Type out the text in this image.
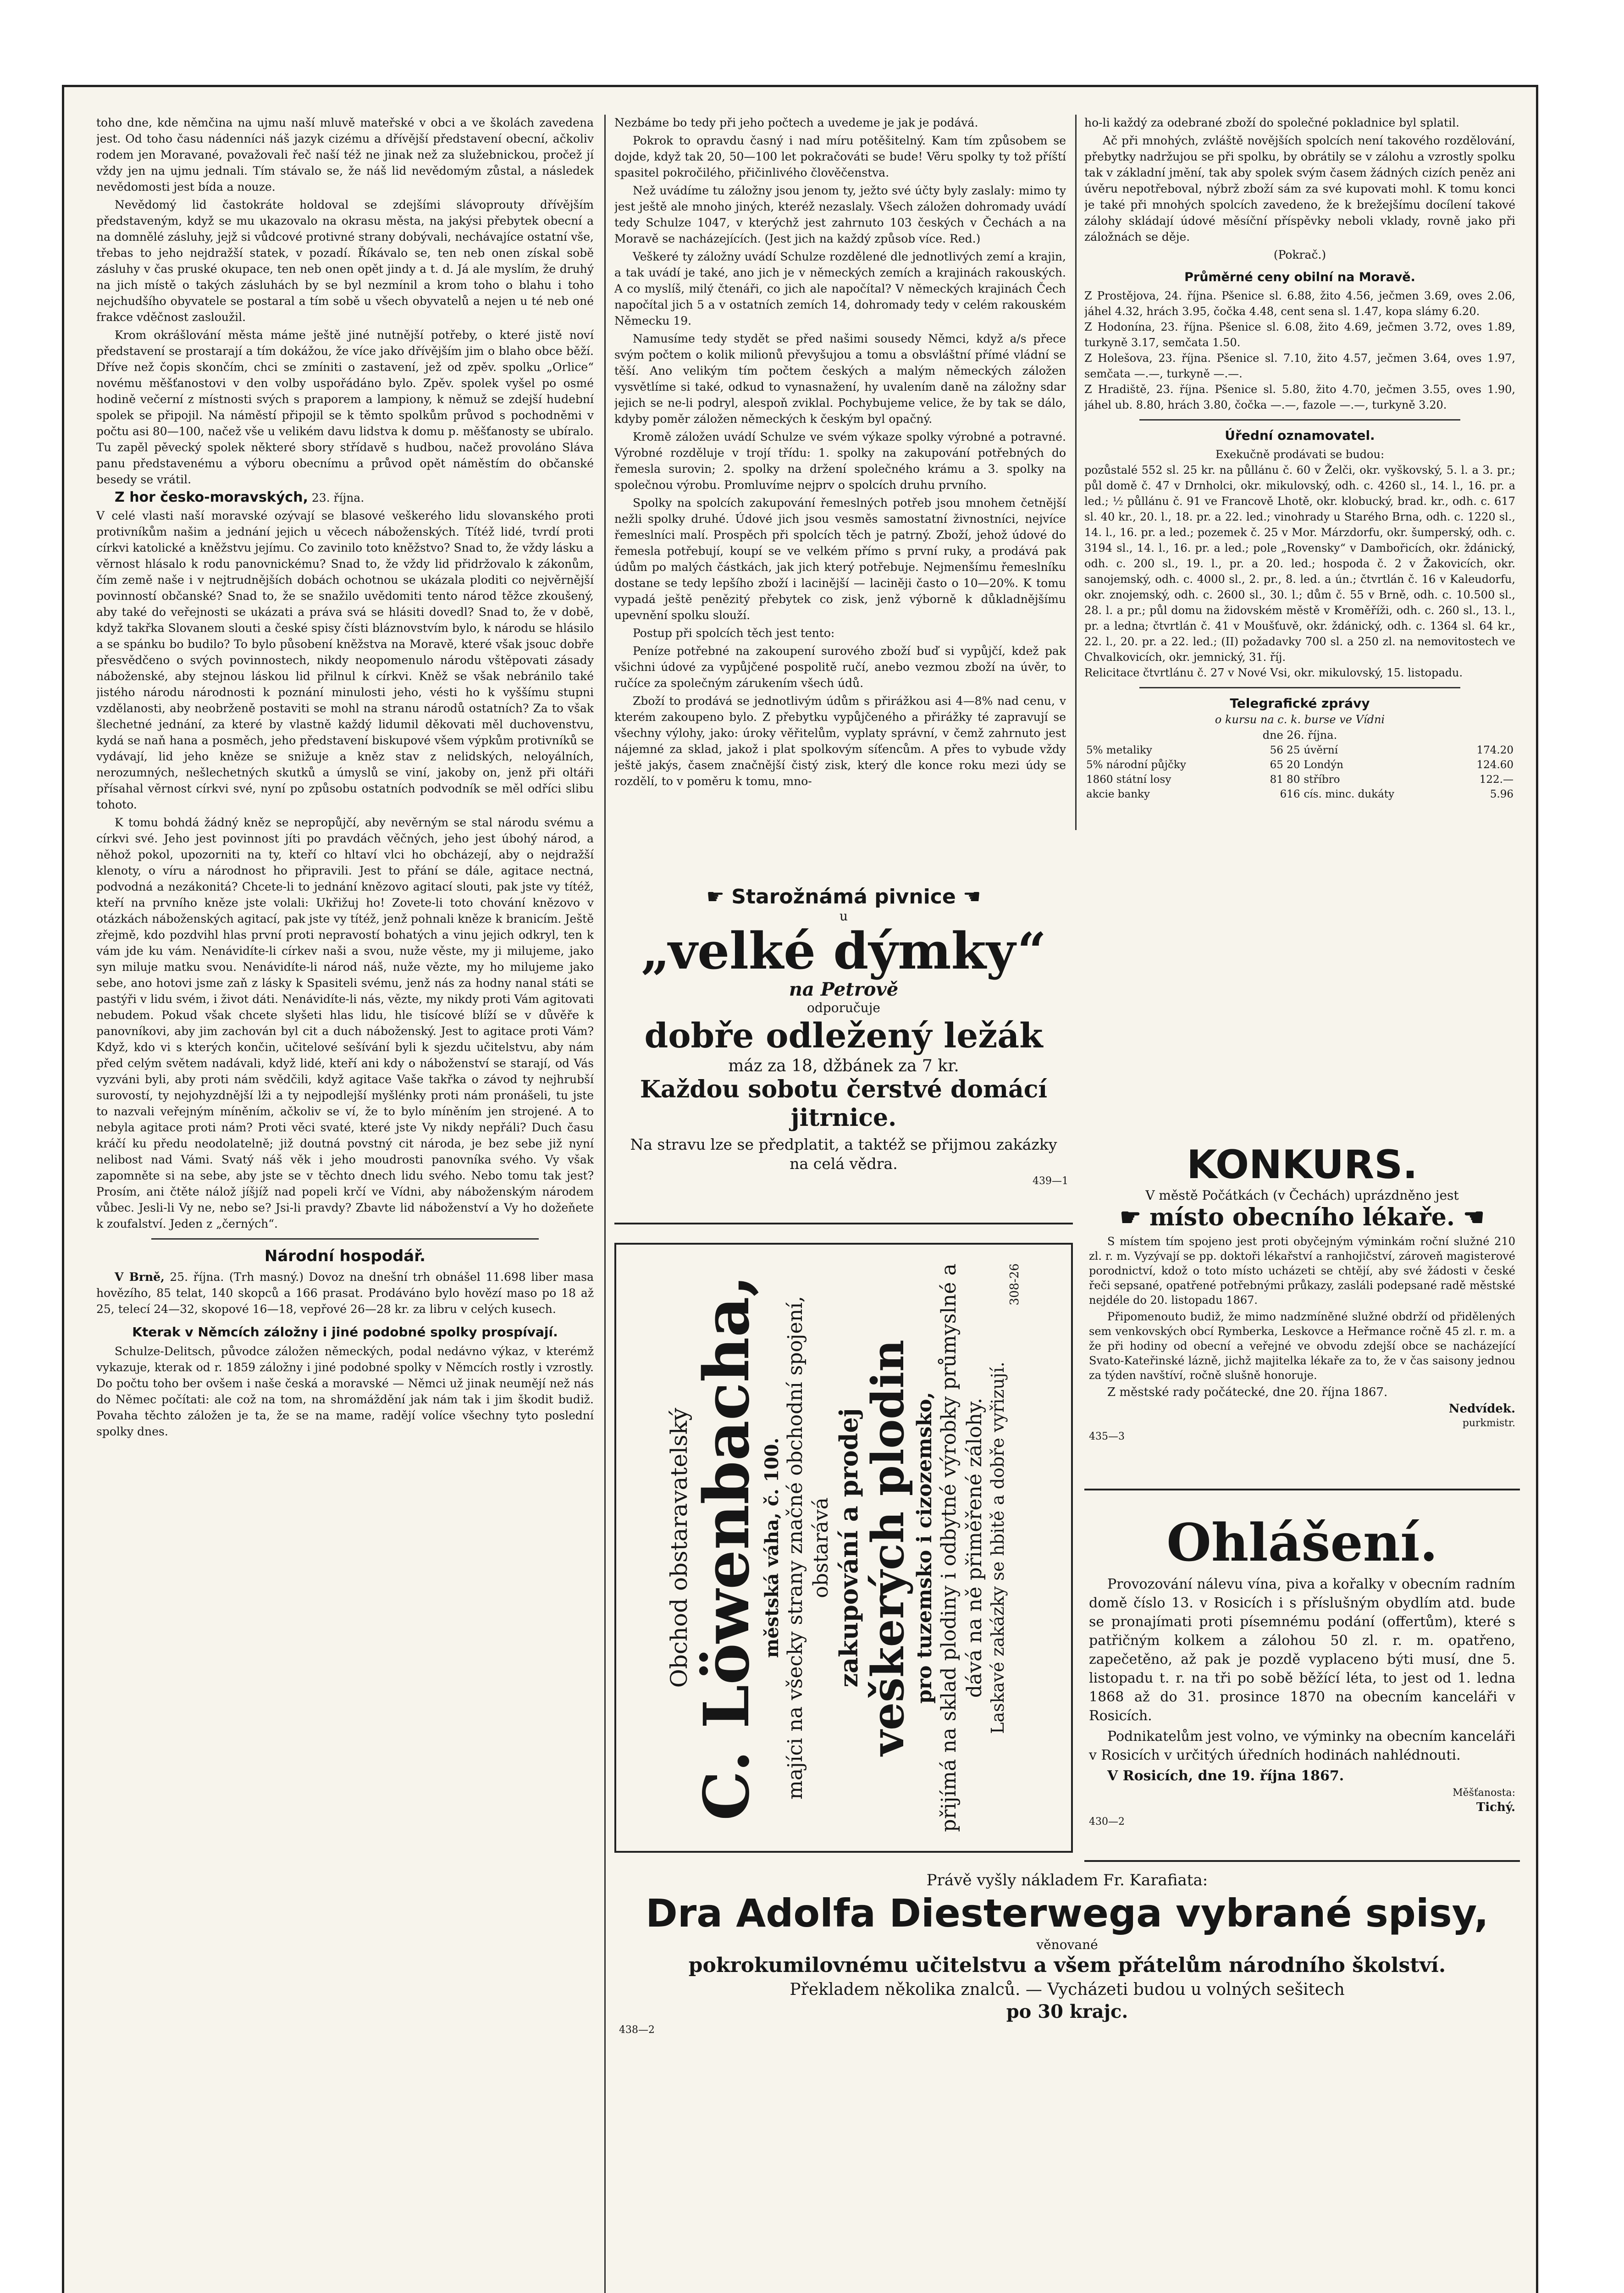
toho dne, kde němčina na ujmu naší mluvě mateřské v obci a ve školách zavedena jest. Od toho času nádenníci náš jazyk cizému a dřívější představení obecní, ačkoliv rodem jen Moravané, považovali řeč naší též ne jinak než za služebnickou, pročež jí vždy jen na ujmu jednali. Tím stávalo se, že náš lid nevědomým zůstal, a následek nevědomosti jest bída a nouze.

Nevědomý lid častokráte holdoval se zdejšími slávoprouty dřívějším představeným, když se mu ukazovalo na okrasu města, na jakýsi přebytek obecní a na domnělé zásluhy, jejž si vůdcové protivné strany dobývali, nechávajíce ostatní vše, třebas to jeho nejdražší statek, v pozadí. Říkávalo se, ten neb onen získal sobě zásluhy v čas pruské okupace, ten neb onen opět jindy a t. d. Já ale myslím, že druhý na jich místě o takých zásluhách by se byl nezmínil a krom toho o blahu i toho nejchudšího obyvatele se postaral a tím sobě u všech obyvatelů a nejen u té neb oné frakce vděčnost zasloužil.

Krom okrášlování města máme ještě jiné nutnější potřeby, o které jistě noví představení se prostarají a tím dokážou, že více jako dřívějším jim o blaho obce běží. Dříve než čopis skončím, chci se zmíniti o zastavení, jež od zpěv. spolku „Orlice“ novému měšťanostovi v den volby uspořádáno bylo. Zpěv. spolek vyšel po osmé hodině večerní z místnosti svých s praporem a lampiony, k němuž se zdejší hudební spolek se připojil. Na náměstí připojil se k těmto spolkům průvod s pochodněmi v počtu asi 80—100, načež vše u velikém davu lidstva k domu p. měšťanosty se ubíralo. Tu zapěl pěvecký spolek některé sbory střídavě s hudbou, načež provoláno Sláva panu představenému a výboru obecnímu a průvod opět náměstím do občanské besedy se vrátil.

Z hor česko-moravských, 23. října.

V celé vlasti naší moravské ozývají se blasové veškerého lidu slovanského proti protivníkům našim a jednání jejich u věcech náboženských. Títéž lidé, tvrdí proti církvi katolické a kněžstvu jejímu. Co zavinilo toto kněžstvo? Snad to, že vždy lásku a věrnost hlásalo k rodu panovnickému? Snad to, že vždy lid přidržovalo k zákonům, čím země naše i v nejtrudnějších dobách ochotnou se ukázala ploditi co nejvěrnější povinností občanské? Snad to, že se snažilo uvědomiti tento národ těžce zkoušený, aby také do veřejnosti se ukázati a práva svá se hlásiti dovedl? Snad to, že v době, když takřka Slovanem slouti a české spisy čísti bláznovstvím bylo, k národu se hlásilo a se spánku bo budilo? To bylo působení kněžstva na Moravě, které však jsouc dobře přesvědčeno o svých povinnostech, nikdy neopomenulo národu vštěpovati zásady náboženské, aby stejnou láskou lid přilnul k církvi. Kněž se však nebránilo také jistého národu národnosti k poznání minulosti jeho, vésti ho k vyššímu stupni vzdělanosti, aby neobrženě postaviti se mohl na stranu národů ostatních? Za to však šlechetné jednání, za které by vlastně každý lidumil děkovati měl duchovenstvu, kydá se naň hana a posměch, jeho představení biskupové všem výpkům protivníků se vydávají, lid jeho kněze se snižuje a kněz stav z nelidských, neloyálních, nerozumných, nešlechetných skutků a úmyslů se viní, jakoby on, jenž při oltáři přísahal věrnost církvi své, nyní po způsobu ostatních podvodník se měl odříci slibu tohoto.

K tomu bohdá žádný kněz se nepropůjčí, aby nevěrným se stal národu svému a církvi své. Jeho jest povinnost jíti po pravdách věčných, jeho jest úbohý národ, a něhož pokol, upozorniti na ty, kteří co hltaví vlci ho obcházejí, aby o nejdražší klenoty, o víru a národnost ho připravili. Jest to přání se dále, agitace nectná, podvodná a nezákonitá? Chcete-li to jednání knězovo agitací slouti, pak jste vy títéž, kteří na prvního kněze jste volali: Ukřižuj ho! Zovete-li toto chování knězovo v otázkách náboženských agitací, pak jste vy títéž, jenž pohnali kněze k branicím. Ještě zřejmě, kdo pozdvihl hlas první proti nepravostí bohatých a vinu jejich odkryl, ten k vám jde ku vám. Nenávidíte-li církev naši a svou, nuže věste, my ji milujeme, jako syn miluje matku svou. Nenávidíte-li národ náš, nuže vězte, my ho milujeme jako sebe, ano hotovi jsme zaň z lásky k Spasiteli svému, jenž nás za hodny nanal státi se pastýři v lidu svém, i život dáti. Nenávidíte-li nás, vězte, my nikdy proti Vám agitovati nebudem. Pokud však chcete slyšeti hlas lidu, hle tisícové blíží se v důvěře k panovníkovi, aby jim zachován byl cit a duch náboženský. Jest to agitace proti Vám? Když, kdo vi s kterých končin, učitelové sešívání byli k sjezdu učitelstvu, aby nám před celým světem nadávali, když lidé, kteří ani kdy o náboženství se starají, od Vás vyzváni byli, aby proti nám svědčili, když agitace Vaše takřka o závod ty nejhrubší surovostí, ty nejohyzdnější lži a ty nejpodlejší myšlénky proti nám pronášeli, tu jste to nazvali veřejným míněním, ačkoliv se ví, že to bylo míněním jen strojené. A to nebyla agitace proti nám? Proti věci svaté, které jste Vy nikdy nepřáli? Duch času kráčí ku předu neodolatelně; již doutná povstný cit národa, je bez sebe již nyní nelibost nad Vámi. Svatý náš věk i jeho moudrosti panovníka svého. Vy však zapomněte si na sebe, aby jste se v těchto dnech lidu svého. Nebo tomu tak jest? Prosím, ani čtěte nálož jíšjíž nad popeli krčí ve Vídni, aby náboženským národem vůbec. Jesli-li Vy ne, nebo se? Jsi-li pravdy? Zbavte lid náboženství a Vy ho dožeňete k zoufalství. Jeden z „černých“.

Národní hospodář.

V Brně, 25. října. (Trh masný.) Dovoz na dnešní trh obnášel 11.698 liber masa hovězího, 85 telat, 140 skopců a 166 prasat. Prodáváno bylo hovězí maso po 18 až 25, telecí 24—32, skopové 16—18, vepřové 26—28 kr. za libru v celých kusech.

Kterak v Němcích záložny i jiné podobné spolky prospívají.

Schulze-Delitsch, původce záložen německých, podal nedávno výkaz, v kterémž vykazuje, kterak od r. 1859 záložny i jiné podobné spolky v Němcích rostly i vzrostly. Do počtu toho ber ovšem i naše česká a moravské — Němci už jinak neumějí než nás do Němec počítati: ale což na tom, na shromáždění jak nám tak i jim škodit budiž. Povaha těchto záložen je ta, že se na mame, radějí volíce všechny tyto poslední spolky dnes.

Nezbáme bo tedy při jeho počtech a uvedeme je jak je podává.

Pokrok to opravdu časný i nad míru potěšitelný. Kam tím způsobem se dojde, když tak 20, 50—100 let pokračováti se bude! Věru spolky ty tož příští spasitel pokročilého, přičinlivého člověčenstva.

Než uvádíme tu záložny jsou jenom ty, ježto své účty byly zaslaly: mimo ty jest ještě ale mnoho jiných, kteréž nezaslaly. Všech záložen dohromady uvádí tedy Schulze 1047, v kterýchž jest zahrnuto 103 českých v Čechách a na Moravě se nacházejících. (Jest jich na každý způsob více. Red.)

Veškeré ty záložny uvádí Schulze rozdělené dle jednotlivých zemí a krajin, a tak uvádí je také, ano jich je v německých zemích a krajinách rakouských. A co myslíš, milý čtenáři, co jich ale napočítal? V německých krajinách Čech napočítal jich 5 a v ostatních zemích 14, dohromady tedy v celém rakouském Německu 19.

Namusíme tedy stydět se před našimi sousedy Němci, když a/s přece svým počtem o kolik milionů převyšujou a tomu a obsvláštní přímé vládní se těší. Ano velikým tím počtem českých a malým německých záložen vysvětlíme si také, odkud to vynasnažení, hy uvalením daně na záložny sdar jejich se ne-li podryl, alespoň zviklal. Pochybujeme velice, že by tak se dálo, kdyby poměr záložen německých k českým byl opačný.

Kromě záložen uvádí Schulze ve svém výkaze spolky výrobné a potravné. Výrobné rozděluje v trojí třídu: 1. spolky na zakupování potřebných do řemesla surovin; 2. spolky na držení společného krámu a 3. spolky na společnou výrobu. Promluvíme nejprv o spolcích druhu prvního.

Spolky na spolcích zakupování řemeslných potřeb jsou mnohem četnější nežli spolky druhé. Údové jich jsou vesměs samostatní živnostníci, nejvíce řemeslníci malí. Prospěch při spolcích těch je patrný. Zboží, jehož údové do řemesla potřebují, koupí se ve velkém přímo s první ruky, a prodává pak údům po malých částkách, jak jich který potřebuje. Nejmenšímu řemeslníku dostane se tedy lepšího zboží i lacinější — laciněji často o 10—20%. K tomu vypadá ještě penězitý přebytek co zisk, jenž výborně k důkladnějšímu upevnění spolku slouží.

Postup při spolcích těch jest tento:

Peníze potřebné na zakoupení surového zboží buď si vypůjčí, kdež pak všichni údové za vypůjčené pospolitě ručí, anebo vezmou zboží na úvěr, to ručíce za společným zárukením všech údů.

Zboží to prodává se jednotlivým údům s přirážkou asi 4—8% nad cenu, v kterém zakoupeno bylo. Z přebytku vypůjčeného a přirážky té zapravují se všechny výlohy, jako: úroky věřitelům, vyplaty správní, v čemž zahrnuto jest nájemné za sklad, jakož i plat spolkovým síťencům. A přes to vybude vždy ještě jakýs, časem značnější čistý zisk, který dle konce roku mezi údy se rozdělí, to v poměru k tomu, mno-

ho-li každý za odebrané zboží do společné pokladnice byl splatil.

Ač při mnohých, zvláště novějších spolcích není takového rozdělování, přebytky nadržujou se při spolku, by obrátily se v zálohu a vzrostly spolku tak v základní jmění, tak aby spolek svým časem žádných cizích peněz ani úvěru nepotřeboval, nýbrž zboží sám za své kupovati mohl. K tomu konci je také při mnohých spolcích zavedeno, že k brežejšímu docílení takové zálohy skládají údové měsíční příspěvky neboli vklady, rovně jako při záložnách se děje.

(Pokrač.)

Průměrné ceny obilní na Moravě.

Z Prostějova, 24. října. Pšenice sl. 6.88, žito 4.56, ječmen 3.69, oves 2.06, jáhel 4.32, hrách 3.95, čočka 4.48, cent sena sl. 1.47, kopa slámy 6.20.

Z Hodonína, 23. října. Pšenice sl. 6.08, žito 4.69, ječmen 3.72, oves 1.89, turkyně 3.17, semčata 1.50.

Z Holešova, 23. října. Pšenice sl. 7.10, žito 4.57, ječmen 3.64, oves 1.97, semčata —.—, turkyně —.—.

Z Hradiště, 23. října. Pšenice sl. 5.80, žito 4.70, ječmen 3.55, oves 1.90, jáhel ub. 8.80, hrách 3.80, čočka —.—, fazole —.—, turkyně 3.20.

Úřední oznamovatel.

Exekučně prodávati se budou:

pozůstalé 552 sl. 25 kr. na půllánu č. 60 v Želči, okr. vyškovský, 5. l. a 3. pr.; půl domě č. 47 v Drnholci, okr. mikulovský, odh. c. 4260 sl., 14. l., 16. pr. a led.; ½ půllánu č. 91 ve Francově Lhotě, okr. klobucký, brad. kr., odh. c. 617 sl. 40 kr., 20. l., 18. pr. a 22. led.; vinohrady u Starého Brna, odh. c. 1220 sl., 14. l., 16. pr. a led.; pozemek č. 25 v Mor. Márzdorfu, okr. šumperský, odh. c. 3194 sl., 14. l., 16. pr. a led.; pole „Rovensky“ v Dambořicích, okr. ždánický, odh. c. 200 sl., 19. l., pr. a 20. led.; hospoda č. 2 v Žakovicích, okr. sanojemský, odh. c. 4000 sl., 2. pr., 8. led. a ún.; čtvrtlán č. 16 v Kaleudorfu, okr. znojemský, odh. c. 2600 sl., 30. l.; dům č. 55 v Brně, odh. c. 10.500 sl., 28. l. a pr.; půl domu na židovském městě v Kroměříži, odh. c. 260 sl., 13. l., pr. a ledna; čtvrtlán č. 41 v Moušťuvě, okr. ždánický, odh. c. 1364 sl. 64 kr., 22. l., 20. pr. a 22. led.; (II) požadavky 700 sl. a 250 zl. na nemovitostech ve Chvalkovicích, okr. jemnický, 31. říj.

Relicitace čtvrtlánu č. 27 v Nové Vsi, okr. mikulovský, 15. listopadu.

Telegrafické zprávy

o kursu na c. k. burse ve Vídni

dne 26. října.

5% metaliky	56 25	úvěrní	174.20
5% národní půjčky	65 20	Londýn	124.60
1860 státní losy	81 80	stříbro	122.—
akcie banky	616	cís. minc. dukáty	5.96

☛ Starožnámá pivnice ☚

u

„velké dýmky“

na Petrově

odporučuje

dobře odležený ležák

máz za 18, džbánek za 7 kr.

Každou sobotu čerstvé domácí jitrnice.

Na stravu lze se předplatit, a taktéž se přijmou zakázky na celá vědra.

439—1

Obchod obstaravatelský

C. Löwenbacha,

městská váha, č. 100. majíci na všecky strany značné obchodní spojení, obstarává zakupování a prodej

veškerých plodin

pro tuzemsko i cizozemsko, přijímá na sklad plodiny i odbytné výrobky průmyslné a dává na ně přiměřené zálohy. Laskavé zakázky se hbitě a dobře vyřizují.

308-26

KONKURS.

V městě Počátkách (v Čechách) uprázdněno jest

☛ místo obecního lékaře. ☚

S místem tím spojeno jest proti obyčejným výminkám roční služné 210 zl. r. m. Vyzývají se pp. doktoři lékařství a ranhojičství, zároveň magisterové porodnictví, kdož o toto místo ucházeti se chtějí, aby své žádosti v české řeči sepsané, opatřené potřebnými průkazy, zasláli podepsané radě městské nejdéle do 20. listopadu 1867.

Připomenouto budiž, že mimo nadzmíněné služné obdrží od přidělených sem venkovských obcí Rymberka, Leskovce a Heřmance ročně 45 zl. r. m. a že při hodiny od obecní a veřejné ve obvodu zdejší obce se nacházející Svato-Kateřinské lázně, jichž majitelka lékaře za to, že v čas saisony jednou za týden navštíví, ročně slušně honoruje.

Z městské rady počátecké, dne 20. října 1867.

Nedvídek.

purkmistr.

435—3

Ohlášení.

Provozování nálevu vína, piva a kořalky v obecním radním domě číslo 13. v Rosicích i s příslušným obydlím atd. bude se pronajímati proti písemnému podání (offertům), které s patřičným kolkem a zálohou 50 zl. r. m. opatřeno, zapečetěno, až pak je pozdě vyplaceno býti musí, dne 5. listopadu t. r. na tři po sobě běžící léta, to jest od 1. ledna 1868 až do 31. prosince 1870 na obecním kanceláři v Rosicích.

Podnikatelům jest volno, ve výminky na obecním kanceláři v Rosicích v určitých úředních hodinách nahlédnouti.

V Rosicích, dne 19. října 1867.

Měšťanosta:

Tichý.

430—2

Právě vyšly nákladem Fr. Karafiata:

Dra Adolfa Diesterwega vybrané spisy,

věnované

pokrokumilovnému učitelstvu a všem přátelům národního školství.

Překladem několika znalců. — Vycházeti budou u volných sešitech

po 30 krajc.

438—2
